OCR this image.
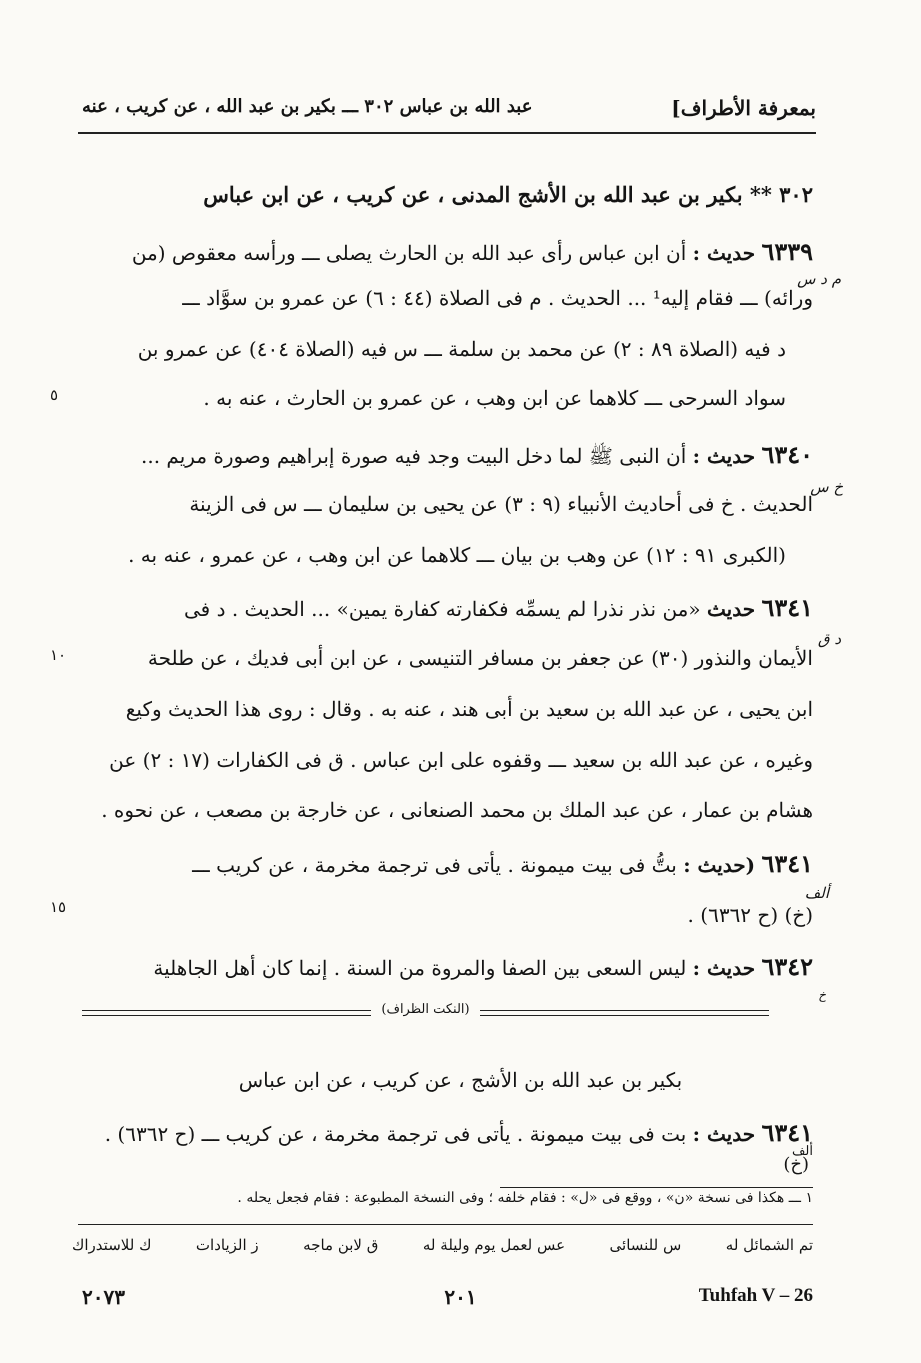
بمعرفة الأطراف]
عبد الله بن عباس ٣٠٢ ـــ بكير بن عبد الله ، عن كريب ، عنه
٣٠٢ ** بكير بن عبد الله بن الأشج المدنى ، عن كريب ، عن ابن عباس
٦٣٣٩ حديث : أن ابن عباس رأى عبد الله بن الحارث يصلى ـــ ورأسه معقوص (من
ورائه) ـــ فقام إليه¹ ... الحديث . م فى الصلاة (٤٤ : ٦) عن عمرو بن سوَّاد ـــ
د فيه (الصلاة ٨٩ : ٢) عن محمد بن سلمة ـــ س فيه (الصلاة ٤٠٤) عن عمرو بن
سواد السرحى ـــ كلاهما عن ابن وهب ، عن عمرو بن الحارث ، عنه به .
٦٣٤٠ حديث : أن النبى ﷺ لما دخل البيت وجد فيه صورة إبراهيم وصورة مريم ...
الحديث . خ فى أحاديث الأنبياء (٩ : ٣) عن يحيى بن سليمان ـــ س فى الزينة
(الكبرى ٩١ : ١٢) عن وهب بن بيان ـــ كلاهما عن ابن وهب ، عن عمرو ، عنه به .
٦٣٤١ حديث «من نذر نذرا لم يسمِّه فكفارته كفارة يمين» ... الحديث . د فى
الأيمان والنذور (٣٠) عن جعفر بن مسافر التنيسى ، عن ابن أبى فديك ، عن طلحة
ابن يحيى ، عن عبد الله بن سعيد بن أبى هند ، عنه به . وقال : روى هذا الحديث وكيع
وغيره ، عن عبد الله بن سعيد ـــ وقفوه على ابن عباس . ق فى الكفارات (١٧ : ٢) عن
هشام بن عمار ، عن عبد الملك بن محمد الصنعانى ، عن خارجة بن مصعب ، عن نحوه .
٦٣٤١ (حديث : بتُّ فى بيت ميمونة . يأتى فى ترجمة مخرمة ، عن كريب ـــ
(خ) (ح ٦٣٦٢) .
٦٣٤٢ حديث : ليس السعى بين الصفا والمروة من السنة . إنما كان أهل الجاهلية
م د س
خ س
د ق
ألف
خ
٥
١٠
١٥
(النكت الظراف)
بكير بن عبد الله بن الأشج ، عن كريب ، عن ابن عباس
٦٣٤١ حديث : بت فى بيت ميمونة . يأتى فى ترجمة مخرمة ، عن كريب ـــ (ح ٦٣٦٢) .
ألف
(خ)
١ ـــ هكذا فى نسخة «ن» ، ووقع فى «ل» : فقام خلفه ؛ وفى النسخة المطبوعة : فقام فجعل يحله .
تم الشمائل له
س للنسائى
عس لعمل يوم وليلة له
ق لابن ماجه
ز الزيادات
ك للاستدراك
٢٠٧٣	٢٠١	Tuhfah V – 26
